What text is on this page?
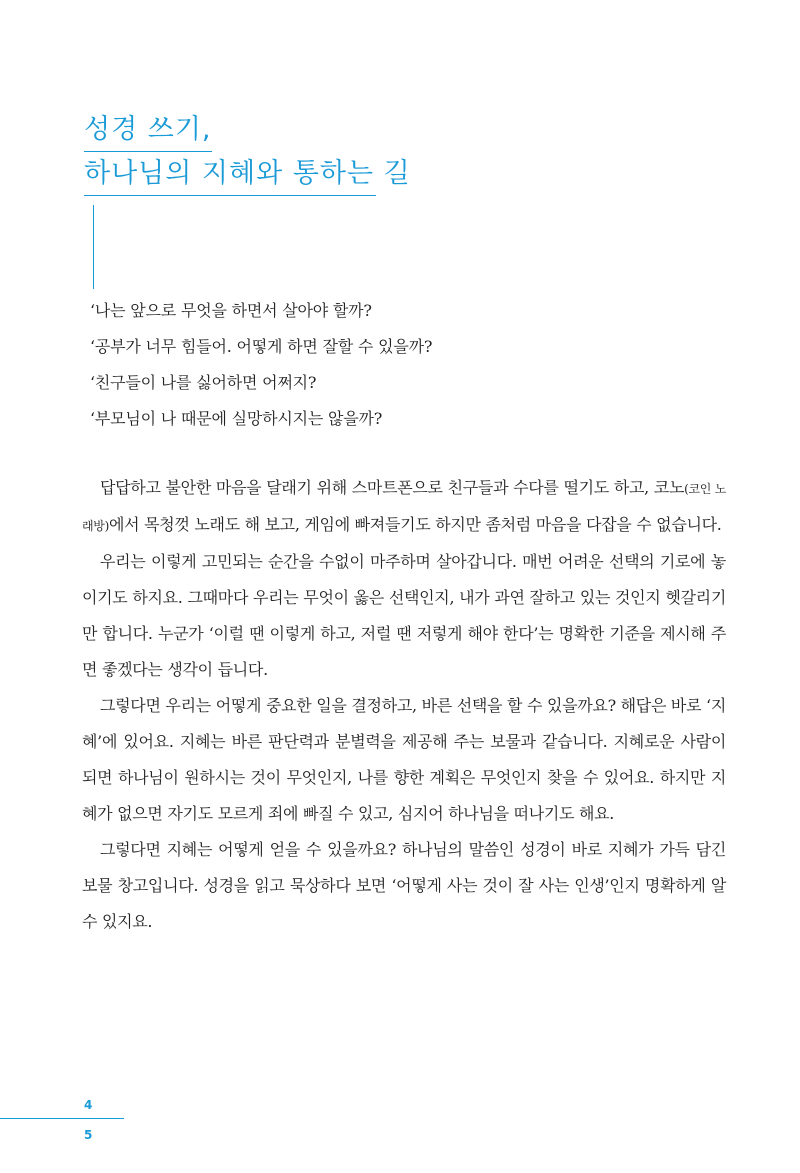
성경 쓰기,
하나님의 지혜와 통하는 길
‘나는 앞으로 무엇을 하면서 살아야 할까?
‘공부가 너무 힘들어. 어떻게 하면 잘할 수 있을까?
‘친구들이 나를 싫어하면 어쩌지?
‘부모님이 나 때문에 실망하시지는 않을까?

답답하고 불안한 마음을 달래기 위해 스마트폰으로 친구들과 수다를 떨기도 하고, 코노(코인 노래방)에서 목청껏 노래도 해 보고, 게임에 빠져들기도 하지만 좀처럼 마음을 다잡을 수 없습니다.

우리는 이렇게 고민되는 순간을 수없이 마주하며 살아갑니다. 매번 어려운 선택의 기로에 놓이기도 하지요. 그때마다 우리는 무엇이 옳은 선택인지, 내가 과연 잘하고 있는 것인지 헷갈리기만 합니다. 누군가 ‘이럴 땐 이렇게 하고, 저럴 땐 저렇게 해야 한다’는 명확한 기준을 제시해 주면 좋겠다는 생각이 듭니다.

그렇다면 우리는 어떻게 중요한 일을 결정하고, 바른 선택을 할 수 있을까요? 해답은 바로 ‘지혜’에 있어요. 지혜는 바른 판단력과 분별력을 제공해 주는 보물과 같습니다. 지혜로운 사람이 되면 하나님이 원하시는 것이 무엇인지, 나를 향한 계획은 무엇인지 찾을 수 있어요. 하지만 지혜가 없으면 자기도 모르게 죄에 빠질 수 있고, 심지어 하나님을 떠나기도 해요.

그렇다면 지혜는 어떻게 얻을 수 있을까요? 하나님의 말씀인 성경이 바로 지혜가 가득 담긴 보물 창고입니다. 성경을 읽고 묵상하다 보면 ‘어떻게 사는 것이 잘 사는 인생’인지 명확하게 알 수 있지요.

4
5
